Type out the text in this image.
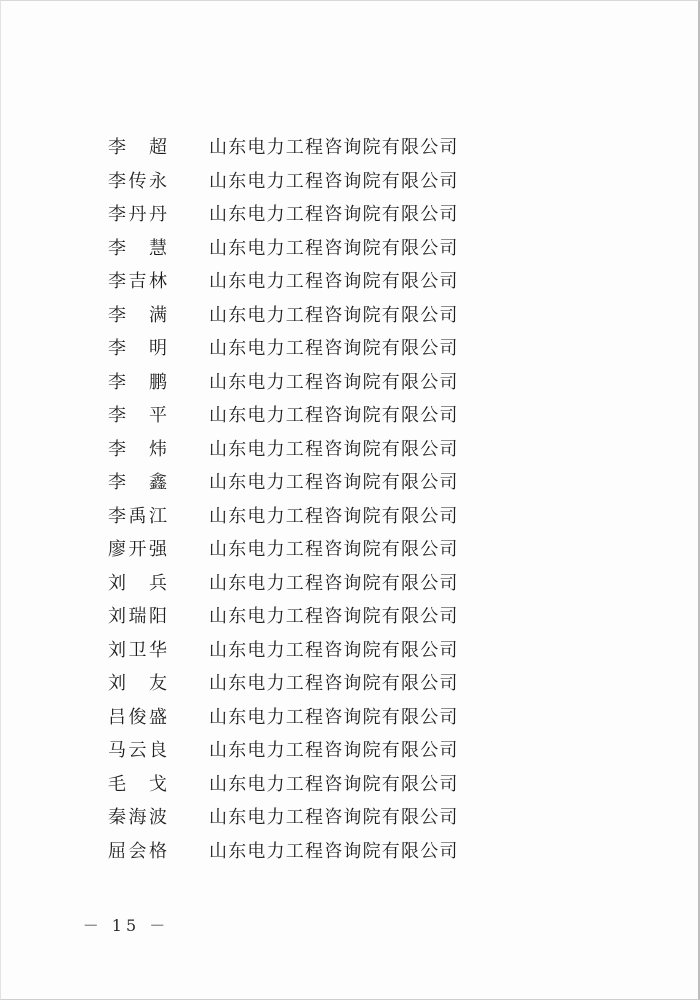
李　超 山东电力工程咨询院有限公司
李传永 山东电力工程咨询院有限公司
李丹丹 山东电力工程咨询院有限公司
李　慧 山东电力工程咨询院有限公司
李吉林 山东电力工程咨询院有限公司
李　满 山东电力工程咨询院有限公司
李　明 山东电力工程咨询院有限公司
李　鹏 山东电力工程咨询院有限公司
李　平 山东电力工程咨询院有限公司
李　炜 山东电力工程咨询院有限公司
李　鑫 山东电力工程咨询院有限公司
李禹江 山东电力工程咨询院有限公司
廖开强 山东电力工程咨询院有限公司
刘　兵 山东电力工程咨询院有限公司
刘瑞阳 山东电力工程咨询院有限公司
刘卫华 山东电力工程咨询院有限公司
刘　友 山东电力工程咨询院有限公司
吕俊盛 山东电力工程咨询院有限公司
马云良 山东电力工程咨询院有限公司
毛　戈 山东电力工程咨询院有限公司
秦海波 山东电力工程咨询院有限公司
屈会格 山东电力工程咨询院有限公司
－ 15 －
